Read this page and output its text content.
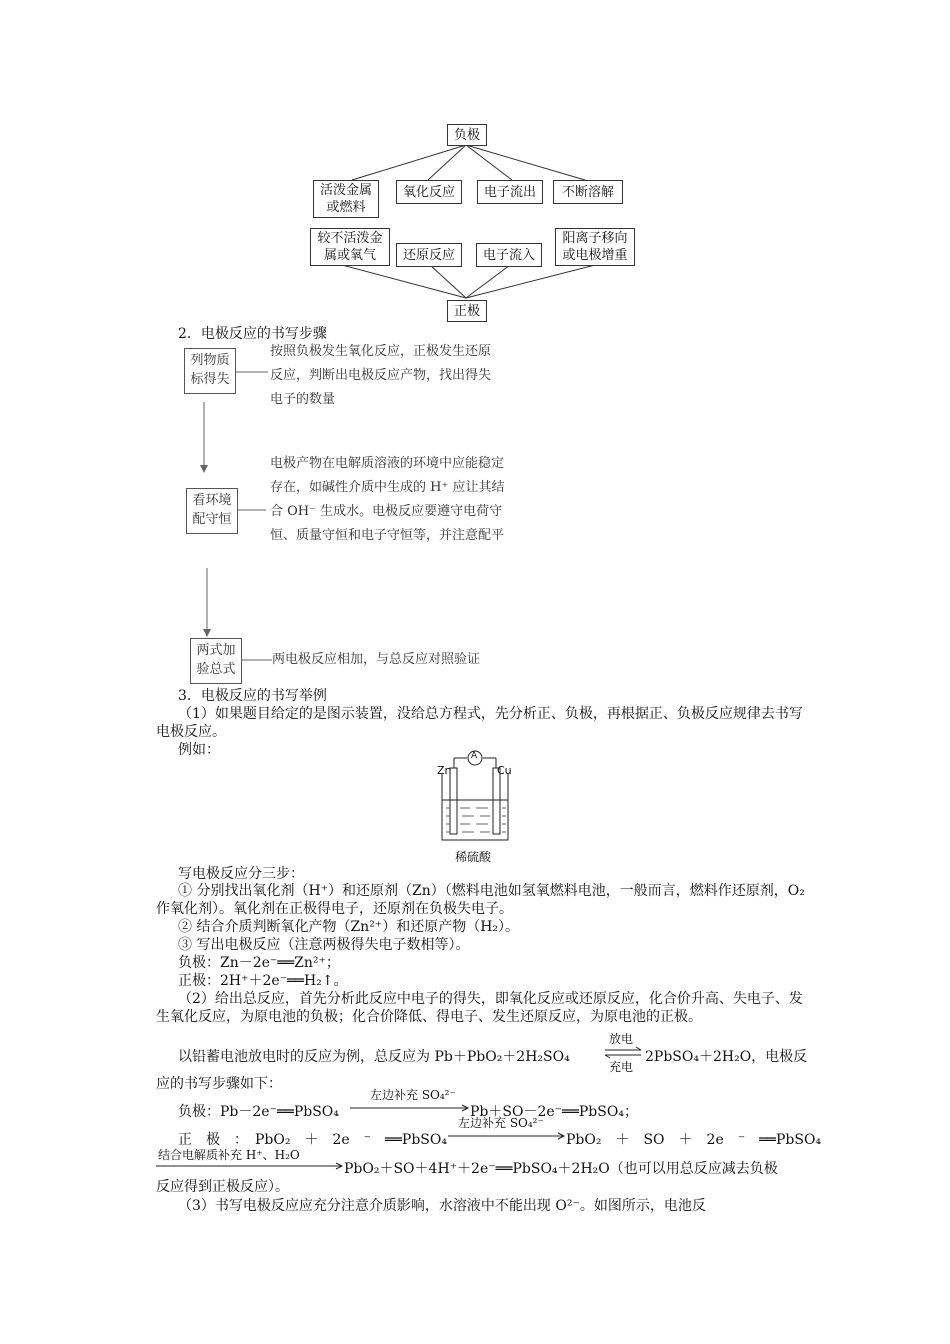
负极
活泼金属或燃料
氧化反应	电子流出	不断溶解
较不活泼金属或氧气	还原反应	电子流入
阳离子移向或电极增重
正极
2．电极反应的书写步骤
列物质标得失
按照负极发生氧化反应，正极发生还原反应，判断出电极反应产物，找出得失电子的数量
看环境配守恒
电极产物在电解质溶液的环境中应能稳定存在，如碱性介质中生成的 H⁺ 应让其结合 OH⁻ 生成水。电极反应要遵守电荷守恒、质量守恒和电子守恒等，并注意配平
两式加验总式
两电极反应相加，与总反应对照验证
3．电极反应的书写举例
（1）如果题目给定的是图示装置，没给总方程式，先分析正、负极，再根据正、负极反应规律去书写电极反应。
例如：	A
Zn	Cu
稀硫酸
写电极反应分三步：
① 分别找出氧化剂（H⁺）和还原剂（Zn）（燃料电池如氢氧燃料电池，一般而言，燃料作还原剂，O₂作氧化剂）。氧化剂在正极得电子，还原剂在负极失电子。
② 结合介质判断氧化产物（Zn²⁺）和还原产物（H₂）。
③ 写出电极反应（注意两极得失电子数相等）。
负极：Zn－2e⁻══Zn²⁺；
正极：2H⁺＋2e⁻══H₂↑。
（2）给出总反应，首先分析此反应中电子的得失，即氧化反应或还原反应，化合价升高、失电子、发生氧化反应，为原电池的负极；化合价降低、得电子、发生还原反应，为原电池的正极。
以铅蓄电池放电时的反应为例，总反应为 Pb＋PbO₂＋2H₂SO₄
放电
充电
2PbSO₄＋2H₂O，电极反
应的书写步骤如下：
负极：Pb－2e⁻══PbSO₄
左边补充 SO₄²⁻
Pb＋SO－2e⁻══PbSO₄；
正　极　：　PbO₂　＋　2e　⁻　══PbSO₄
左边补充 SO₄²⁻
PbO₂　＋　SO　＋　2e　⁻　══PbSO₄
结合电解质补充 H⁺、H₂O
PbO₂＋SO＋4H⁺＋2e⁻══PbSO₄＋2H₂O（也可以用总反应减去负极
反应得到正极反应）。
（3）书写电极反应应充分注意介质影响，水溶液中不能出现 O²⁻。如图所示，电池反
